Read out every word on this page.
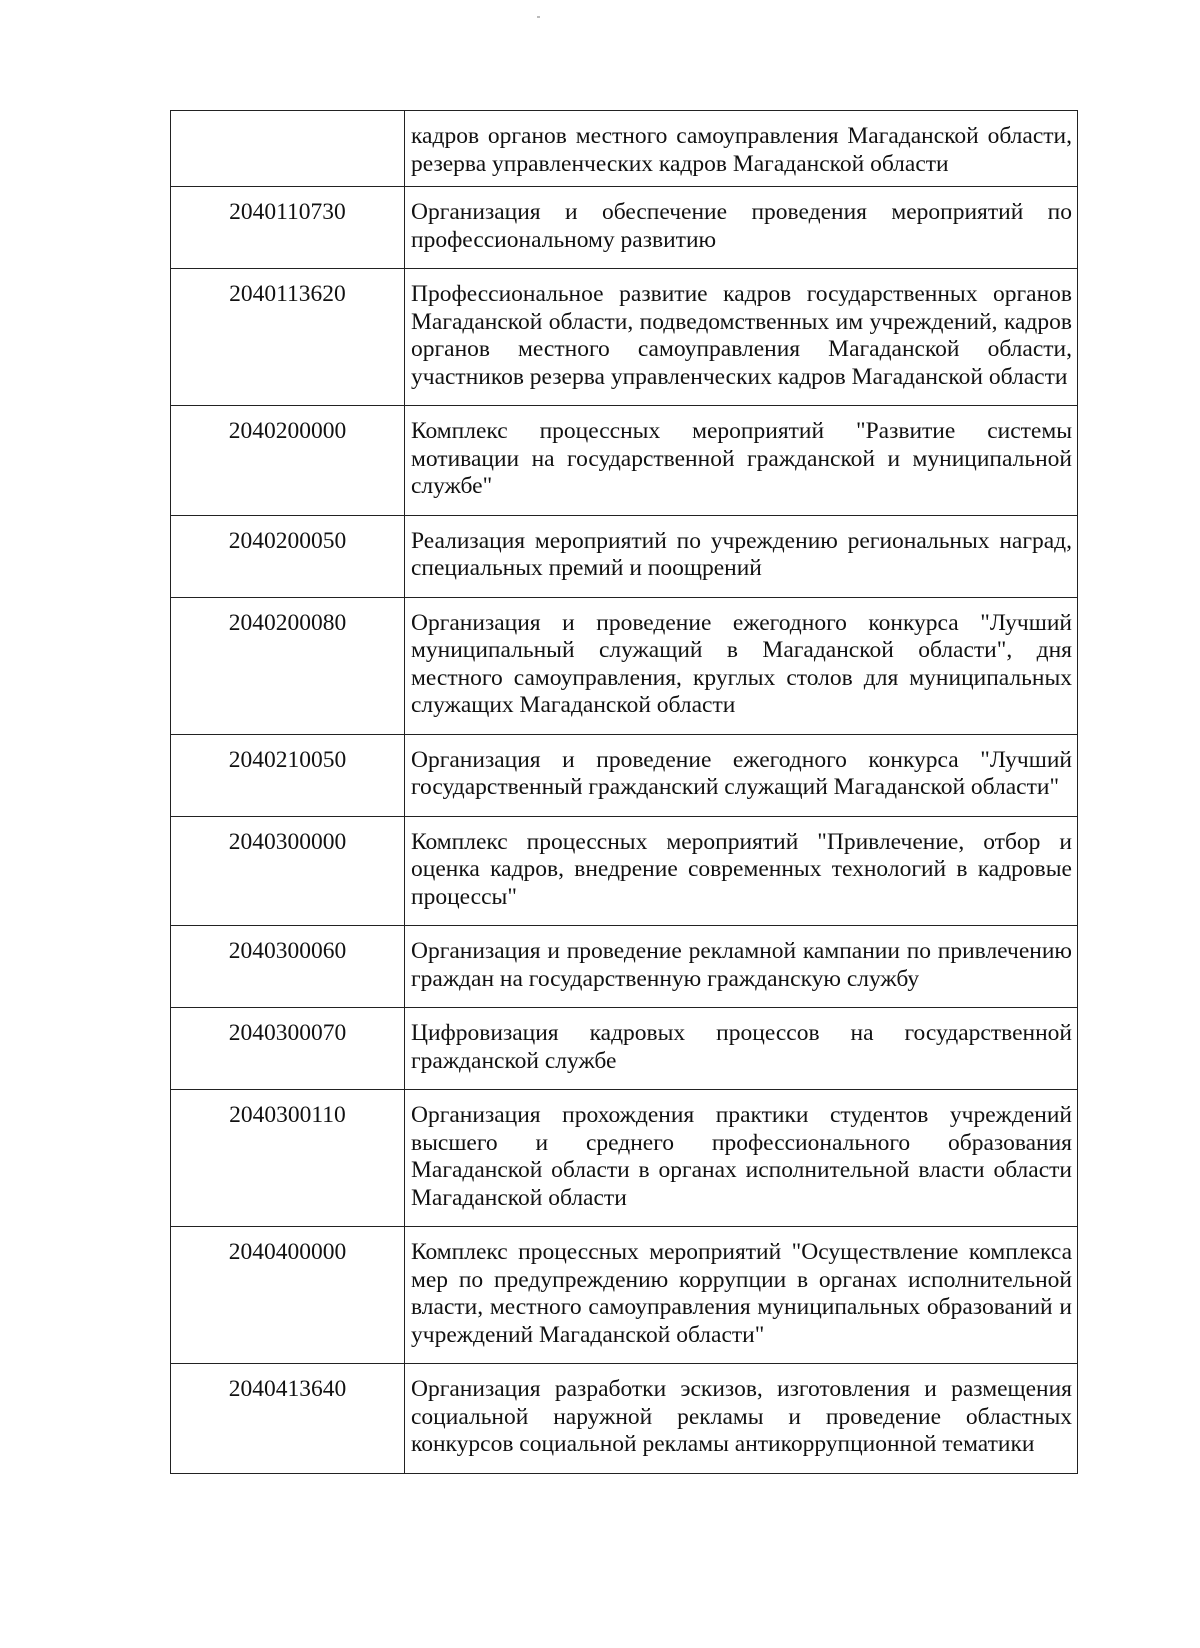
	кадров органов местного самоуправления Магаданской области, резерва управленческих кадров Магаданской области
2040110730	Организация и обеспечение проведения мероприятий по профессиональному развитию
2040113620	Профессиональное развитие кадров государственных органов Магаданской области, подведомственных им учреждений, кадров органов местного самоуправления Магаданской области, участников резерва управленческих кадров Магаданской области
2040200000	Комплекс процессных мероприятий "Развитие системы мотивации на государственной гражданской и муниципальной службе"
2040200050	Реализация мероприятий по учреждению региональных наград, специальных премий и поощрений
2040200080	Организация и проведение ежегодного конкурса "Лучший муниципальный служащий в Магаданской области", дня местного самоуправления, круглых столов для муниципальных служащих Магаданской области
2040210050	Организация и проведение ежегодного конкурса "Лучший государственный гражданский служащий Магаданской области"
2040300000	Комплекс процессных мероприятий "Привлечение, отбор и оценка кадров, внедрение современных технологий в кадровые процессы"
2040300060	Организация и проведение рекламной кампании по привлечению граждан на государственную гражданскую службу
2040300070	Цифровизация кадровых процессов на государственной гражданской службе
2040300110	Организация прохождения практики студентов учреждений высшего и среднего профессионального образования Магаданской области в органах исполнительной власти области Магаданской области
2040400000	Комплекс процессных мероприятий "Осуществление комплекса мер по предупреждению коррупции в органах исполнительной власти, местного самоуправления муниципальных образований и учреждений Магаданской области"
2040413640	Организация разработки эскизов, изготовления и размещения социальной наружной рекламы и проведение областных конкурсов социальной рекламы антикоррупционной тематики
